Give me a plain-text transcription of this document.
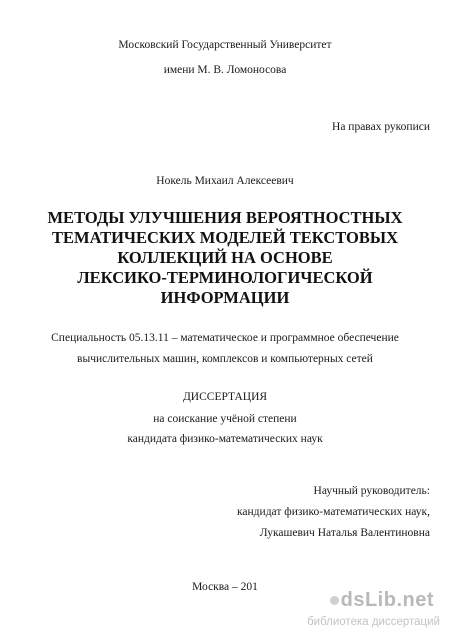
Московский Государственный Университет
имени М. В. Ломоносова
На правах рукописи
Нокель Михаил Алексеевич
МЕТОДЫ УЛУЧШЕНИЯ ВЕРОЯТНОСТНЫХ
ТЕМАТИЧЕСКИХ МОДЕЛЕЙ ТЕКСТОВЫХ
КОЛЛЕКЦИЙ НА ОСНОВЕ
ЛЕКСИКО-ТЕРМИНОЛОГИЧЕСКОЙ
ИНФОРМАЦИИ
Специальность 05.13.11 – математическое и программное обеспечение
вычислительных машин, комплексов и компьютерных сетей
ДИССЕРТАЦИЯ
на соискание учёной степени
кандидата физико-математических наук
Научный руководитель:
кандидат физико-математических наук,
Лукашевич Наталья Валентиновна
Москва – 201
dsLib.net
библиотека диссертаций
